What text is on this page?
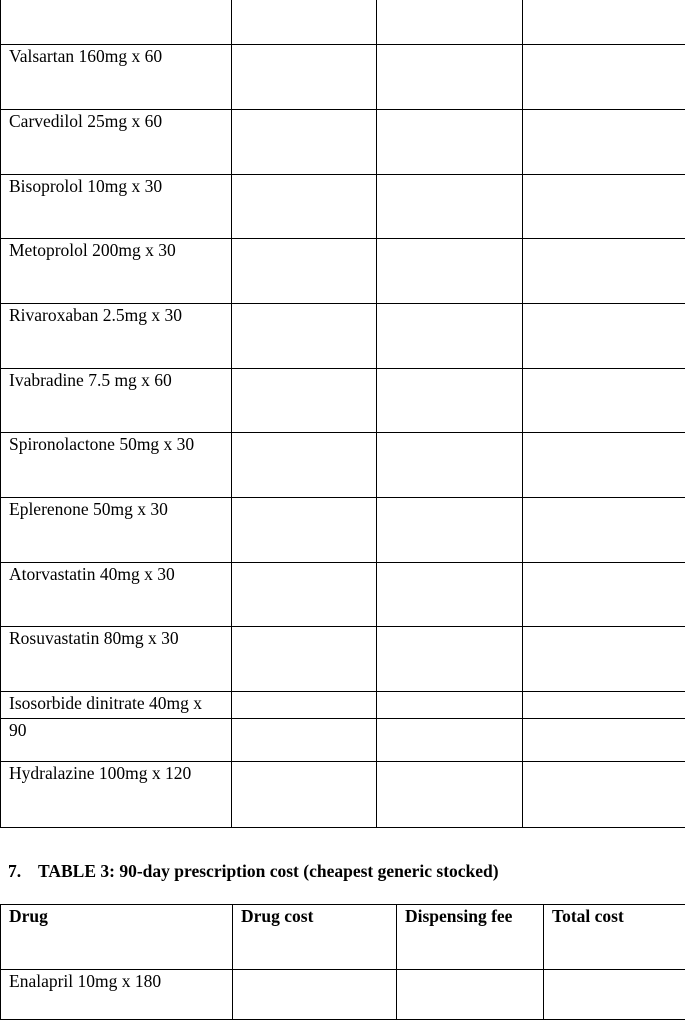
Valsartan 160mg x 60			
Carvedilol 25mg x 60			
Bisoprolol 10mg x 30			
Metoprolol 200mg x 30			
Rivaroxaban 2.5mg x 30			
Ivabradine 7.5 mg x 60			
Spironolactone 50mg x 30			
Eplerenone 50mg x 30			
Atorvastatin 40mg x 30			
Rosuvastatin 80mg x 30			
Isosorbide dinitrate 40mg x			
90			
Hydralazine 100mg x 120			
7. TABLE 3: 90-day prescription cost (cheapest generic stocked)
Drug	Drug cost	Dispensing fee	Total cost
Enalapril 10mg x 180			
